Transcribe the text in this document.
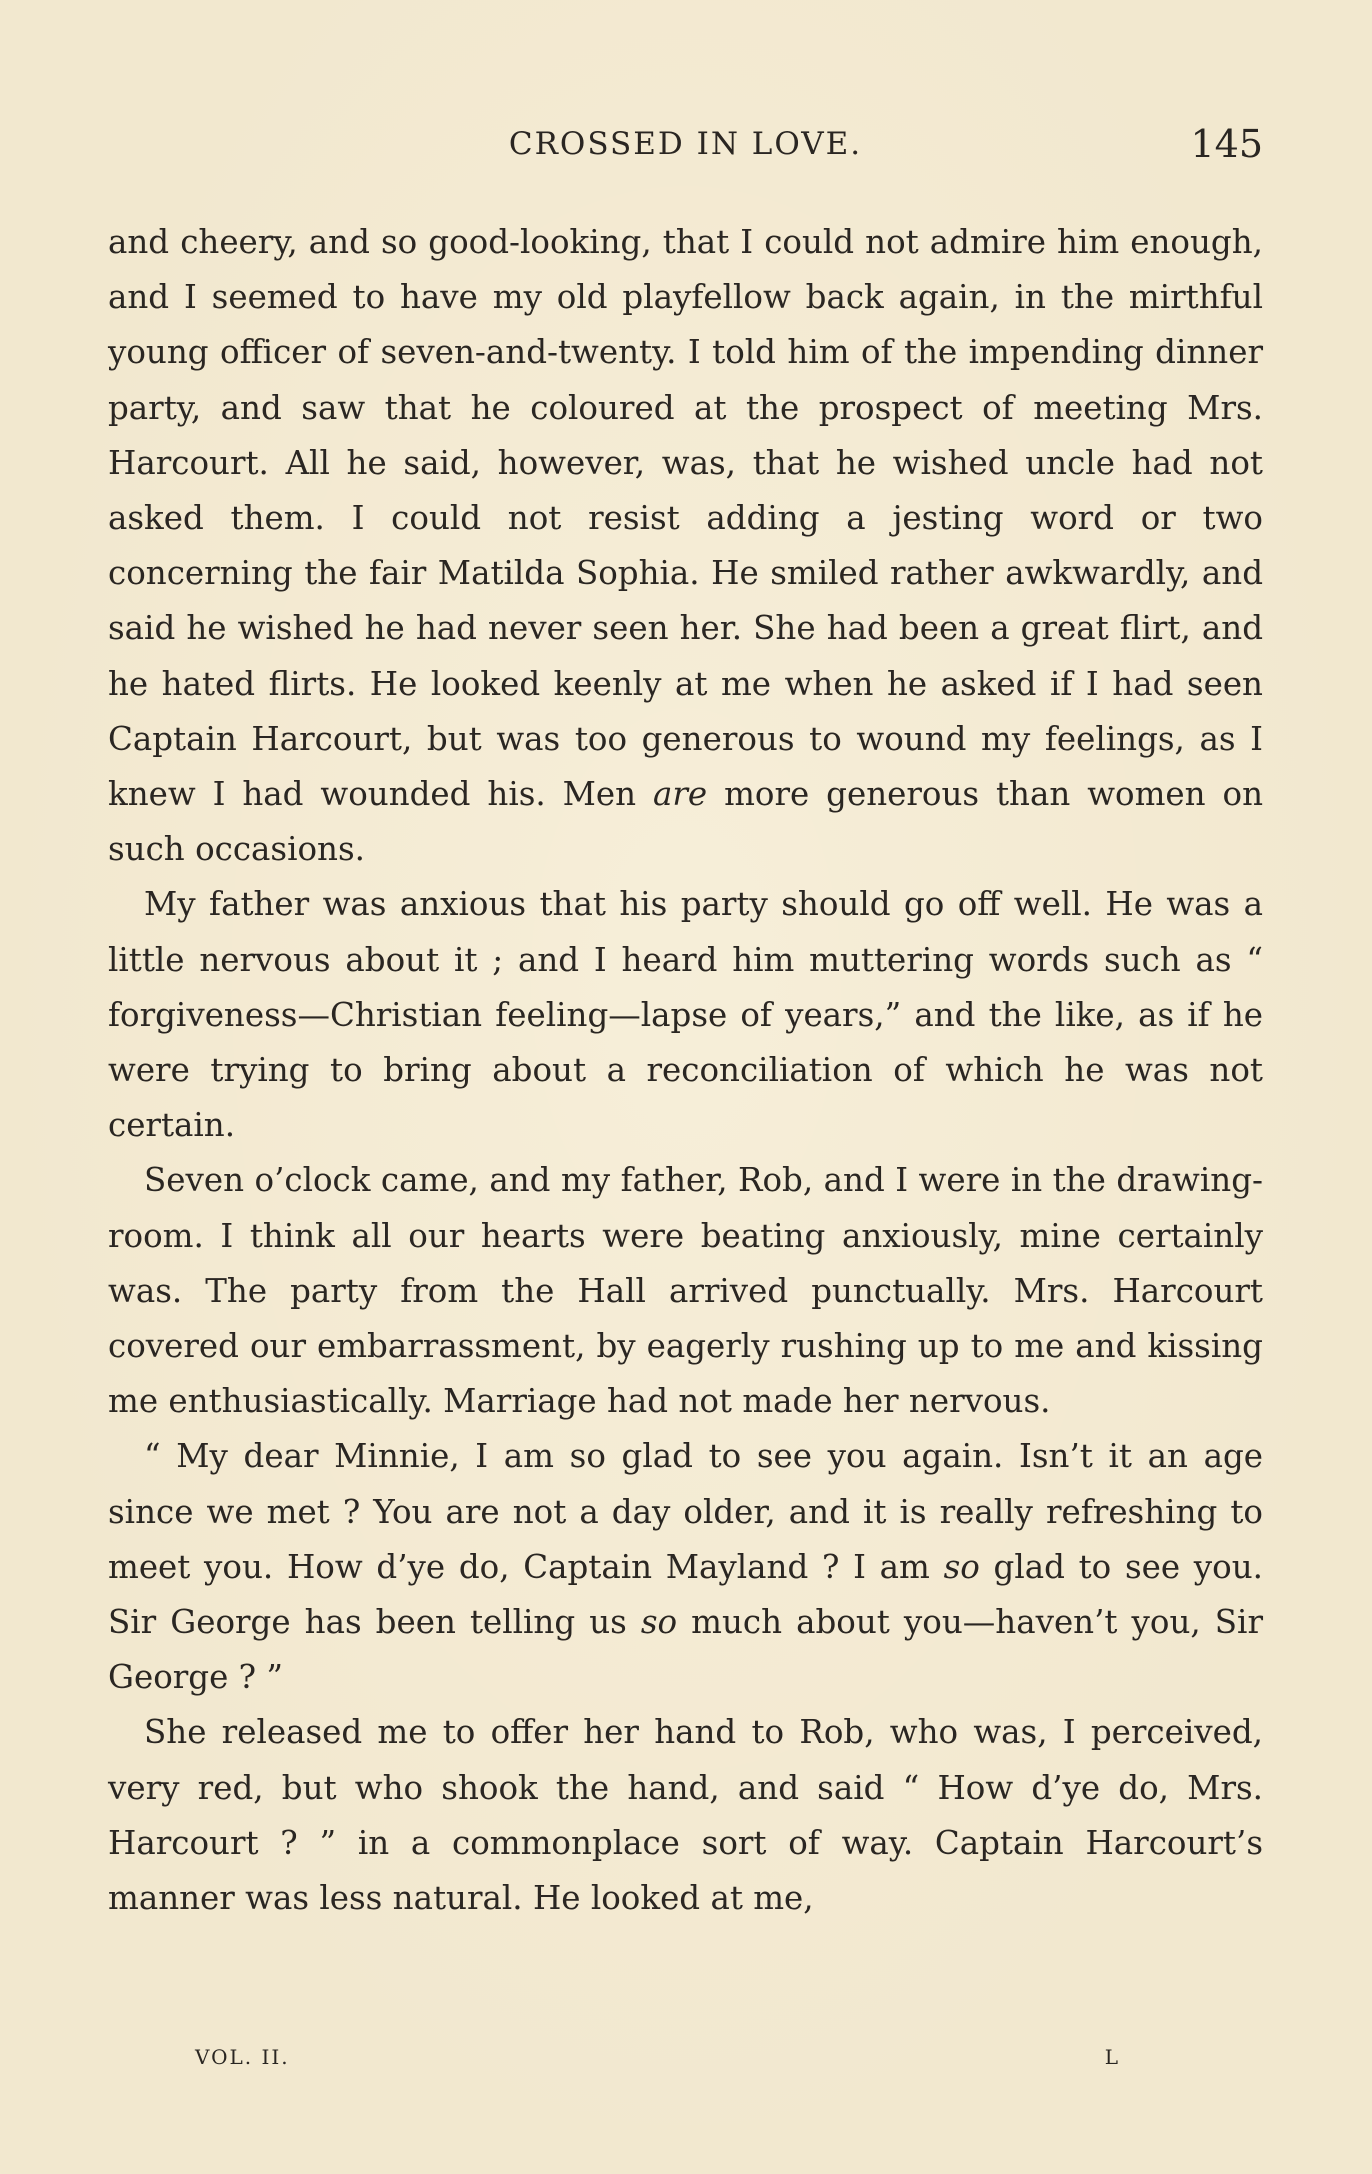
CROSSED IN LOVE.	145

and cheery, and so good-looking, that I could not admire him enough, and I seemed to have my old playfellow back again, in the mirthful young officer of seven-and-twenty. I told him of the impending dinner party, and saw that he coloured at the prospect of meeting Mrs. Harcourt. All he said, however, was, that he wished uncle had not asked them. I could not resist adding a jesting word or two concerning the fair Matilda Sophia. He smiled rather awkwardly, and said he wished he had never seen her. She had been a great flirt, and he hated flirts. He looked keenly at me when he asked if I had seen Captain Harcourt, but was too generous to wound my feelings, as I knew I had wounded his. Men are more generous than women on such occasions.

My father was anxious that his party should go off well. He was a little nervous about it ; and I heard him muttering words such as “ forgiveness—Christian feeling—lapse of years,” and the like, as if he were trying to bring about a reconciliation of which he was not certain.

Seven o’clock came, and my father, Rob, and I were in the drawing-room. I think all our hearts were beating anxiously, mine certainly was. The party from the Hall arrived punctually. Mrs. Harcourt covered our embarrassment, by eagerly rushing up to me and kissing me enthusiastically. Marriage had not made her nervous.

“ My dear Minnie, I am so glad to see you again. Isn’t it an age since we met ? You are not a day older, and it is really refreshing to meet you. How d’ye do, Captain Mayland ? I am so glad to see you. Sir George has been telling us so much about you—haven’t you, Sir George ? ”

She released me to offer her hand to Rob, who was, I perceived, very red, but who shook the hand, and said “ How d’ye do, Mrs. Harcourt ? ” in a commonplace sort of way. Captain Harcourt’s manner was less natural. He looked at me,

VOL. II.	L
